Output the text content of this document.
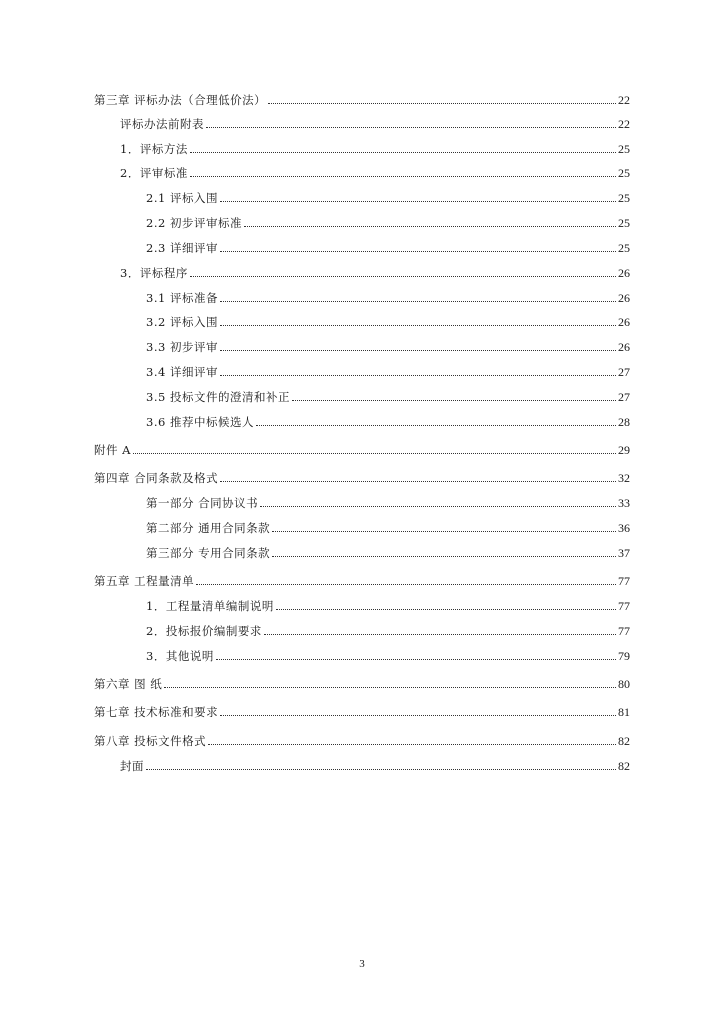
第三章 评标办法（合理低价法）	22
评标办法前附表	22
1．评标方法	25
2．评审标准	25
2.1 评标入围	25
2.2 初步评审标准	25
2.3 详细评审	25
3．评标程序	26
3.1 评标准备	26
3.2 评标入围	26
3.3 初步评审	26
3.4 详细评审	27
3.5 投标文件的澄清和补正	27
3.6 推荐中标候选人	28
附件 A	29
第四章 合同条款及格式	32
第一部分 合同协议书	33
第二部分 通用合同条款	36
第三部分 专用合同条款	37
第五章 工程量清单	77
1．工程量清单编制说明	77
2．投标报价编制要求	77
3．其他说明	79
第六章 图 纸	80
第七章 技术标准和要求	81
第八章 投标文件格式	82
封面	82
3
